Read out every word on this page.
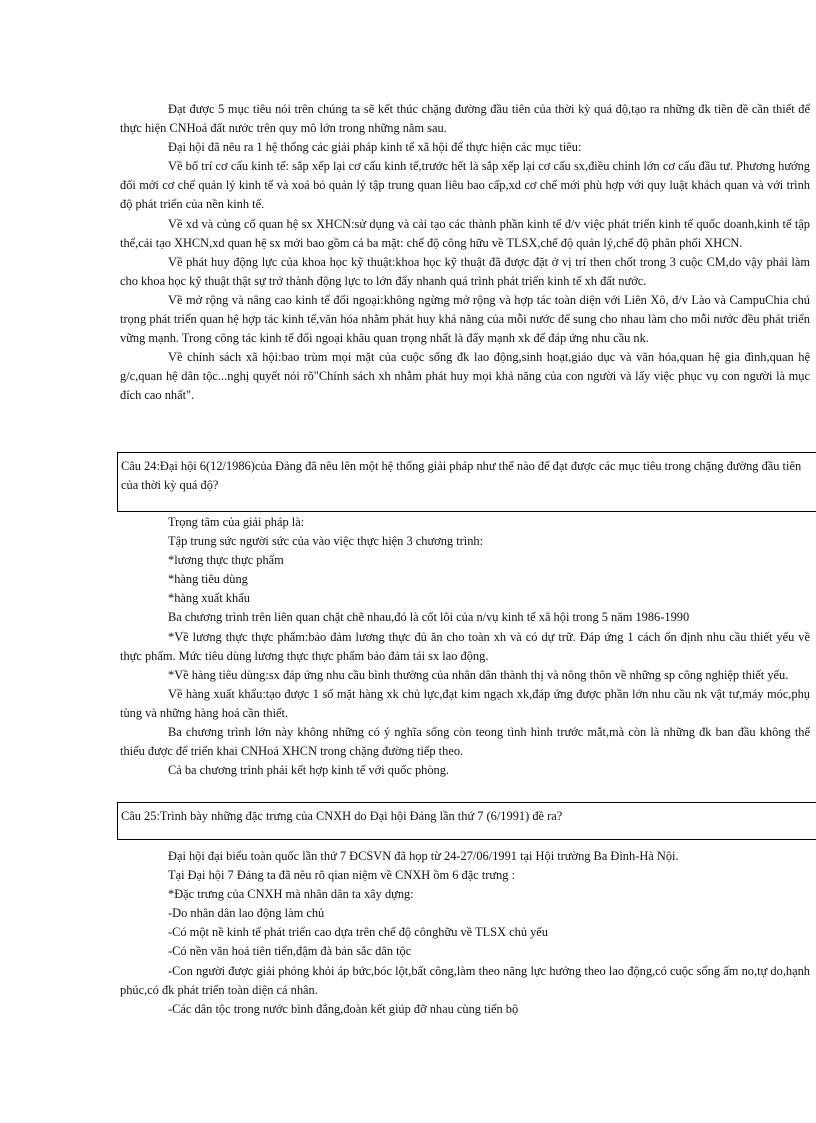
Đạt được 5 mục tiêu nói trên chúng ta sẽ kết thúc chặng đường đầu tiên của thời kỳ quá độ,tạo ra những đk tiền đề cần thiết để thực hiện CNHoá đất nước trên quy mô lớn trong những năm sau.

Đại hội đã nêu ra 1 hệ thống các giải pháp kinh tế xã hội để thực hiện các mục tiêu:

Về bố trí cơ cấu kinh tế: sắp xếp lại cơ cấu kinh tế,trước hết là sắp xếp lại cơ cấu sx,điều chỉnh lớn cơ cấu đầu tư. Phương hướng đổi mới cơ chế quản lý kinh tế và xoá bỏ quản lý tập trung quan liêu bao cấp,xd cơ chế mới phù hợp với quy luật khách quan và với trình độ phát triển của nền kinh tế.

Về xd và củng cố quan hệ sx XHCN:sử dụng và cải tạo các thành phần kinh tế đ/v việc phát triển kinh tế quốc doanh,kinh tế tập thể,cải tạo XHCN,xd quan hệ sx mới bao gồm cả ba mặt: chế độ công hữu về TLSX,chế độ quản lý,chế độ phân phối XHCN.

Về phát huy động lực của khoa học kỹ thuật:khoa học kỹ thuật đã được đặt ở vị trí then chốt trong 3 cuộc CM,do vậy phải làm cho khoa học kỹ thuật thật sự trở thành động lực to lớn đẩy nhanh quá trình phát triển kinh tế xh đất nước.

Về mở rộng và nâng cao kinh tế đối ngoại:không ngừng mở rộng và hợp tác toàn diện với Liên Xô, đ/v Lào và CampuChia chú trọng phát triển quan hệ hợp tác kinh tế,văn hóa nhằm phát huy khả năng của mỗi nước để sung cho nhau làm cho mỗi nước đều phát triển vững mạnh. Trong công tác kinh tế đối ngoại khâu quan trọng nhất là đẩy mạnh xk để đáp ứng nhu cầu nk.

Về chính sách xã hội:bao trùm mọi mặt của cuộc sống đk lao động,sinh hoạt,giáo dục và văn hóa,quan hệ gia đình,quan hệ g/c,quan hệ dân tộc...nghị quyết nói rõ"Chính sách xh nhằm phát huy mọi khả năng của con người và lấy việc phục vụ con người là mục đích cao nhất".

Câu 24:Đại hội 6(12/1986)của Đảng đã nêu lên một hệ thống giải pháp như thế nào để đạt được các mục tiêu trong chặng đường đầu tiên của thời kỳ quá độ?

Trọng tâm của giải pháp là:

Tập trung sức người sức của vào việc thực hiện 3 chương trình:

*lương thực thực phẩm

*hàng tiêu dùng

*hàng xuất khẩu

Ba chương trình trên liên quan chặt chẽ nhau,đó là cốt lõi của n/vụ kinh tế xã hội trong 5 năm 1986-1990

*Về lương thực thực phẩm:bảo đảm lương thực đủ ăn cho toàn xh và có dự trữ. Đáp ứng 1 cách ổn định nhu cầu thiết yếu về thực phẩm. Mức tiêu dùng lương thực thực phẩm bảo đảm tái sx lao động.

*Về hàng tiêu dùng:sx đáp ứng nhu cầu bình thường của nhân dân thành thị và nông thôn về những sp công nghiệp thiết yếu.

Về hàng xuất khẩu:tạo được 1 số mặt hàng xk chủ lực,đạt kim ngạch xk,đáp ứng được phần lớn nhu cầu nk vật tư,máy móc,phụ tùng và những hàng hoá cần thiết.

Ba chương trình lớn này không những có ý nghĩa sống còn teong tình hình trước mắt,mà còn là những đk ban đầu không thể thiếu được để triển khai CNHoá XHCN trong chặng đường tiếp theo.

Cả ba chương trình phải kết hợp kinh tế với quốc phòng.

Câu 25:Trình bày những đặc trưng của CNXH do Đại hội Đảng lần thứ 7 (6/1991) đề ra?

Đại hội đại biểu toàn quốc lần thứ 7 ĐCSVN đã họp từ 24-27/06/1991 tại Hội trường Ba Đình-Hà Nội.

Tại Đại hội 7 Đảng ta đã nêu rõ qian niệm về CNXH ồm 6 đặc trưng :

*Đặc trưng của CNXH mà nhân dân ta xây dựng:

-Do nhân dân lao động làm chủ

-Có một nề kinh tế phát triển cao dựa trên chế độ cônghữu về TLSX chủ yếu

-Có nền văn hoá tiên tiến,đậm đà bản sắc dân tộc

-Con người được giải phóng khỏi áp bức,bóc lột,bất công,làm theo năng lực hưởng theo lao động,có cuộc sống ấm no,tự do,hạnh phúc,có đk phát triển toàn diện cá nhân.

-Các dân tộc trong nước bình đẳng,đoàn kết giúp đỡ nhau cùng tiến bộ
